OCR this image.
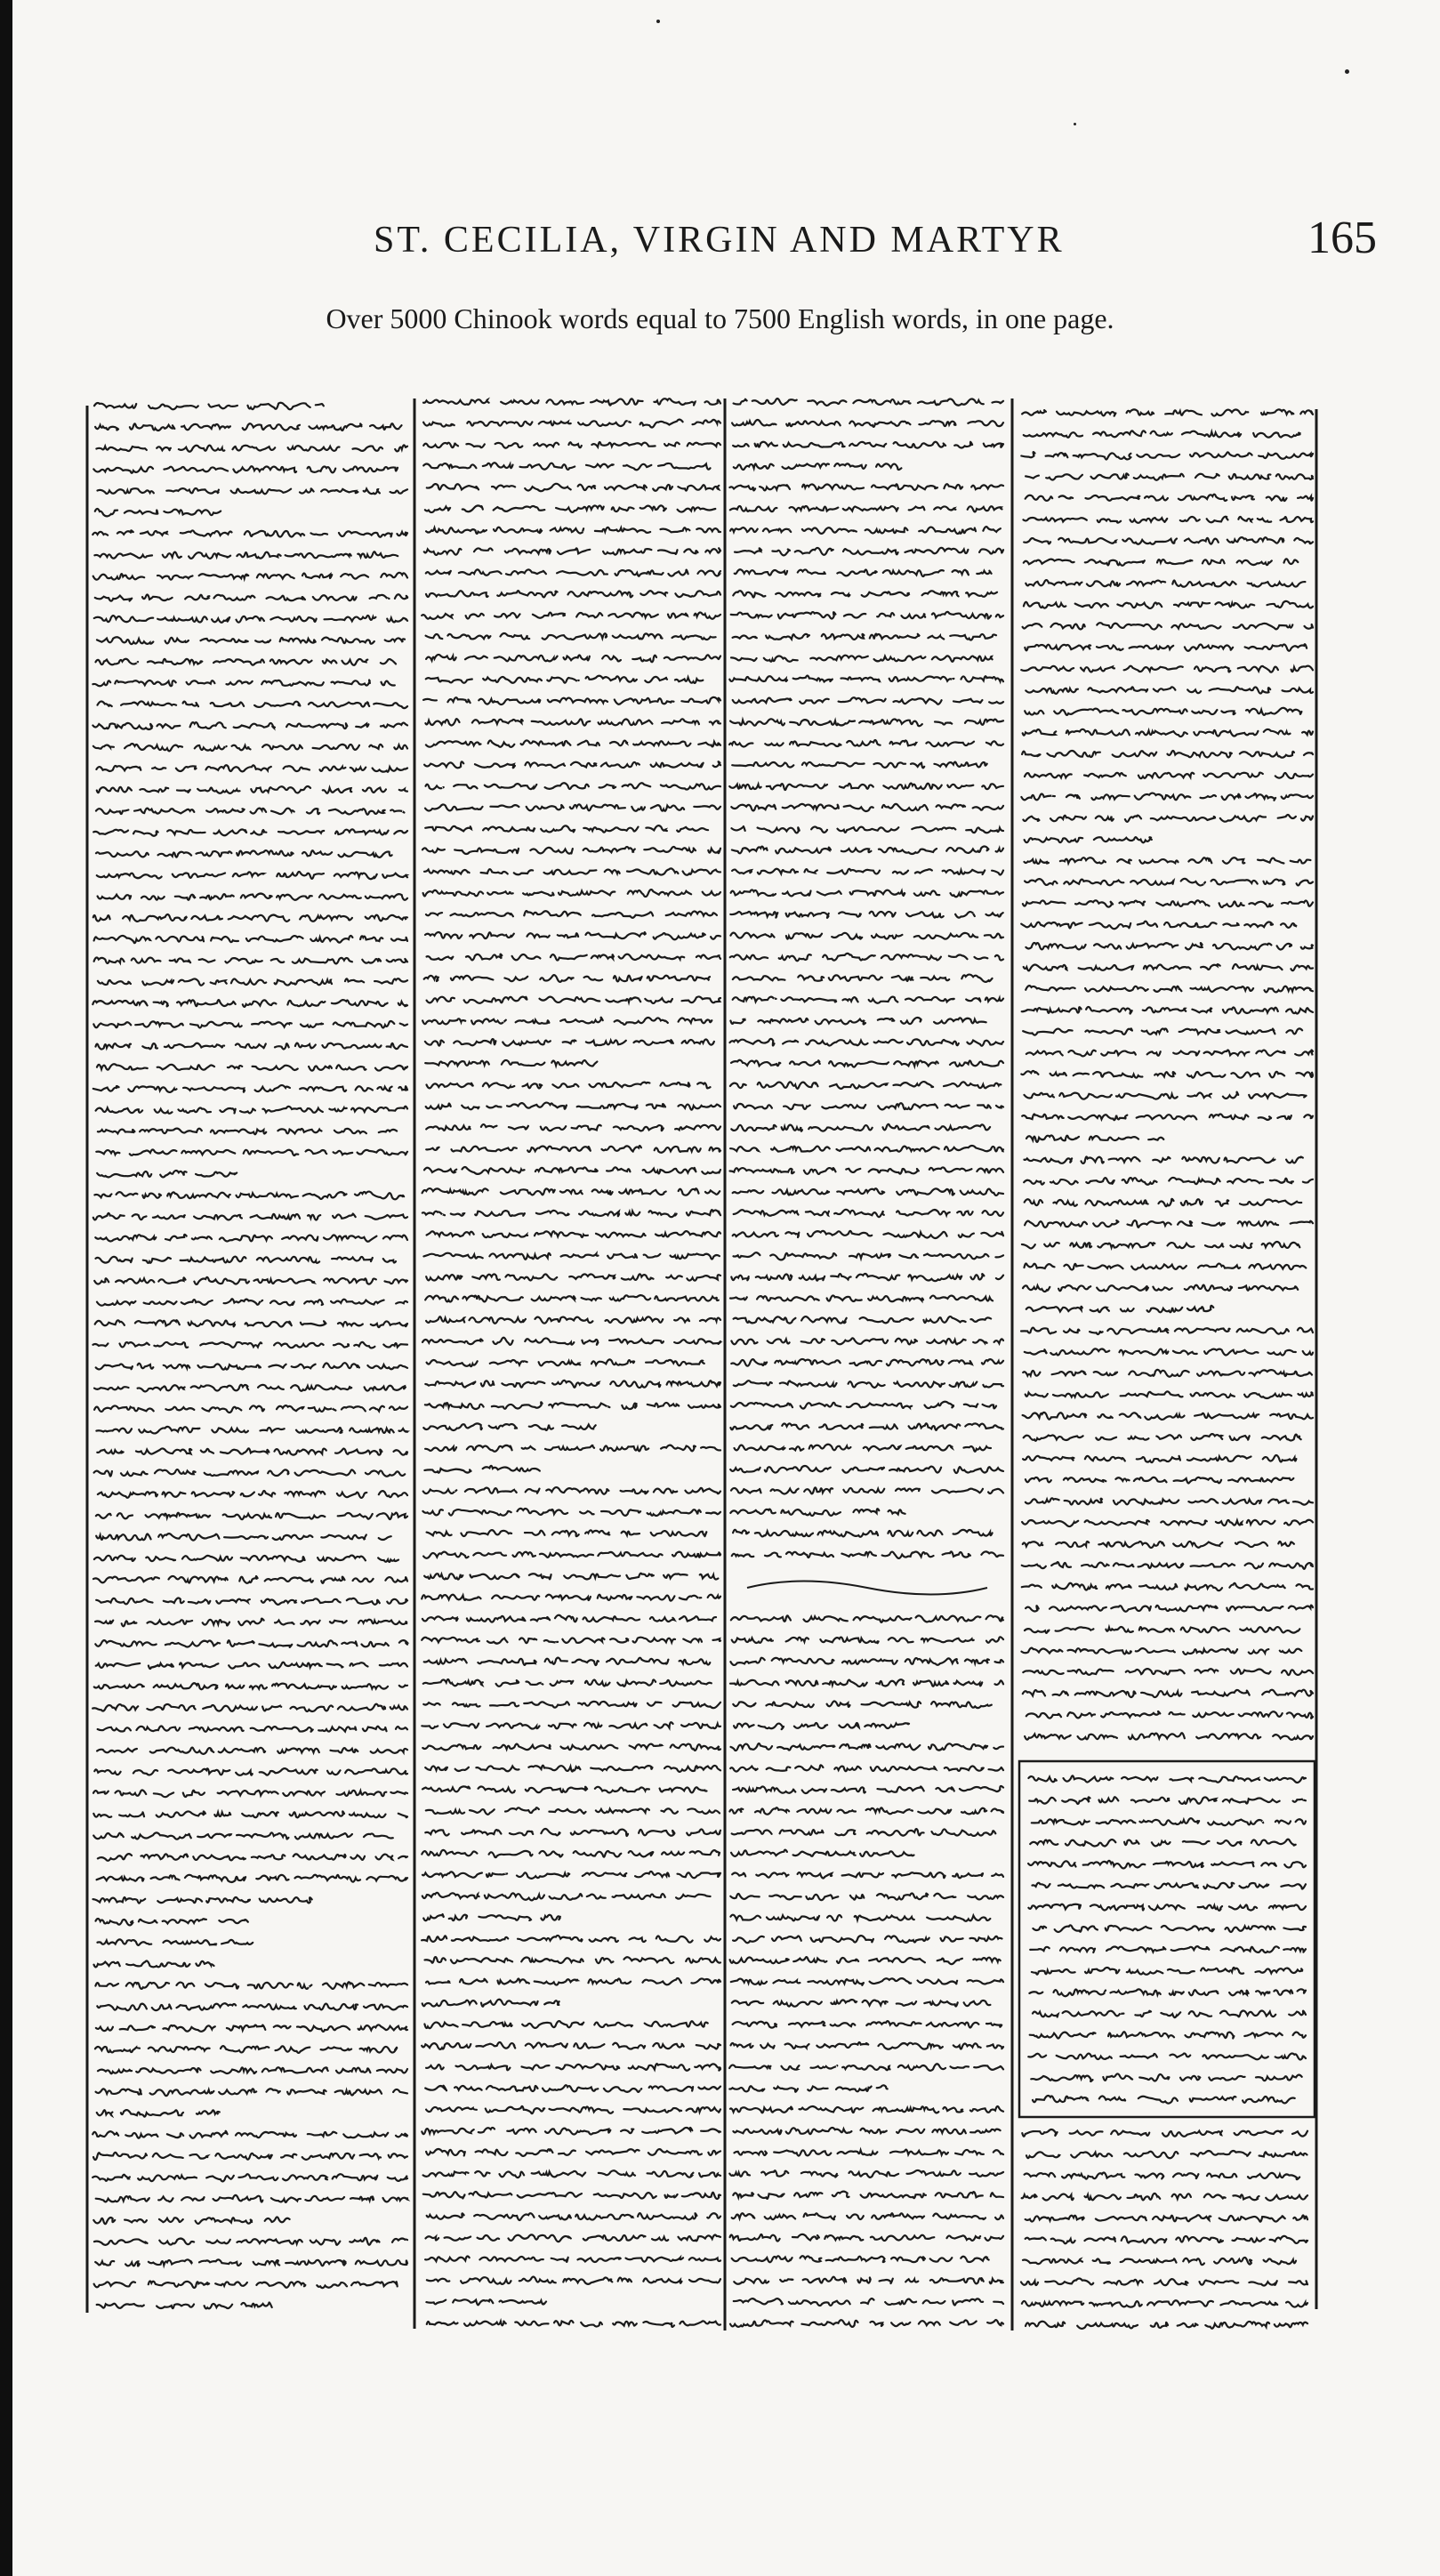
ST. CECILIA, VIRGIN AND MARTYR	165
Over 5000 Chinook words equal to 7500 English words, in one page.
